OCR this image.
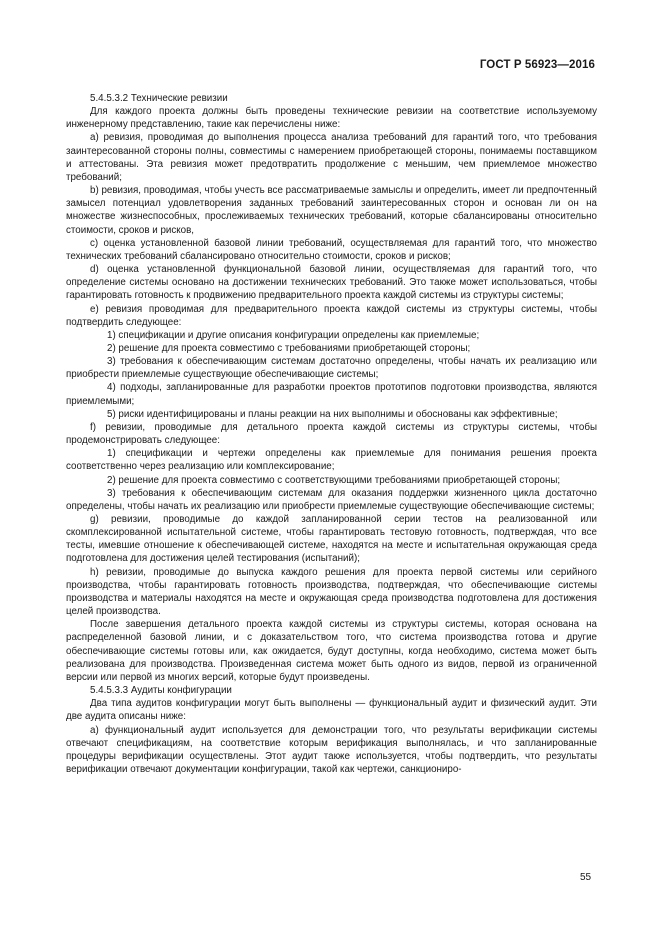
ГОСТ Р 56923—2016

5.4.5.3.2 Технические ревизии

Для каждого проекта должны быть проведены технические ревизии на соответствие используемому инженерному представлению, такие как перечислены ниже:

a) ревизия, проводимая до выполнения процесса анализа требований для гарантий того, что требования заинтересованной стороны полны, совместимы с намерением приобретающей стороны, понимаемы поставщиком и аттестованы. Эта ревизия может предотвратить продолжение с меньшим, чем приемлемое множество требований;

b) ревизия, проводимая, чтобы учесть все рассматриваемые замыслы и определить, имеет ли предпочтенный замысел потенциал удовлетворения заданных требований заинтересованных сторон и основан ли он на множестве жизнеспособных, прослеживаемых технических требований, которые сбалансированы относительно стоимости, сроков и рисков,

c) оценка установленной базовой линии требований, осуществляемая для гарантий того, что множество технических требований сбалансировано относительно стоимости, сроков и рисков;

d) оценка установленной функциональной базовой линии, осуществляемая для гарантий того, что определение системы основано на достижении технических требований. Это также может использоваться, чтобы гарантировать готовность к продвижению предварительного проекта каждой системы из структуры системы;

e) ревизия проводимая для предварительного проекта каждой системы из структуры системы, чтобы подтвердить следующее:

1) спецификации и другие описания конфигурации определены как приемлемые;

2) решение для проекта совместимо с требованиями приобретающей стороны;

3) требования к обеспечивающим системам достаточно определены, чтобы начать их реализацию или приобрести приемлемые существующие обеспечивающие системы;

4) подходы, запланированные для разработки проектов прототипов подготовки производства, являются приемлемыми;

5) риски идентифицированы и планы реакции на них выполнимы и обоснованы как эффективные;

f) ревизии, проводимые для детального проекта каждой системы из структуры системы, чтобы продемонстрировать следующее:

1) спецификации и чертежи определены как приемлемые для понимания решения проекта соответственно через реализацию или комплексирование;

2) решение для проекта совместимо с соответствующими требованиями приобретающей стороны;

3) требования к обеспечивающим системам для оказания поддержки жизненного цикла достаточно определены, чтобы начать их реализацию или приобрести приемлемые существующие обеспечивающие системы;

g) ревизии, проводимые до каждой запланированной серии тестов на реализованной или скомплексированной испытательной системе, чтобы гарантировать тестовую готовность, подтверждая, что все тесты, имевшие отношение к обеспечивающей системе, находятся на месте и испытательная окружающая среда подготовлена для достижения целей тестирования (испытаний);

h) ревизии, проводимые до выпуска каждого решения для проекта первой системы или серийного производства, чтобы гарантировать готовность производства, подтверждая, что обеспечивающие системы производства и материалы находятся на месте и окружающая среда производства подготовлена для достижения целей производства.

После завершения детального проекта каждой системы из структуры системы, которая основана на распределенной базовой линии, и с доказательством того, что система производства готова и другие обеспечивающие системы готовы или, как ожидается, будут доступны, когда необходимо, система может быть реализована для производства. Произведенная система может быть одного из видов, первой из ограниченной версии или первой из многих версий, которые будут произведены.

5.4.5.3.3 Аудиты конфигурации

Два типа аудитов конфигурации могут быть выполнены — функциональный аудит и физический аудит. Эти две аудита описаны ниже:

a) функциональный аудит используется для демонстрации того, что результаты верификации системы отвечают спецификациям, на соответствие которым верификация выполнялась, и что запланированные процедуры верификации осуществлены. Этот аудит также используется, чтобы подтвердить, что результаты верификации отвечают документации конфигурации, такой как чертежи, санкциониро-

55
